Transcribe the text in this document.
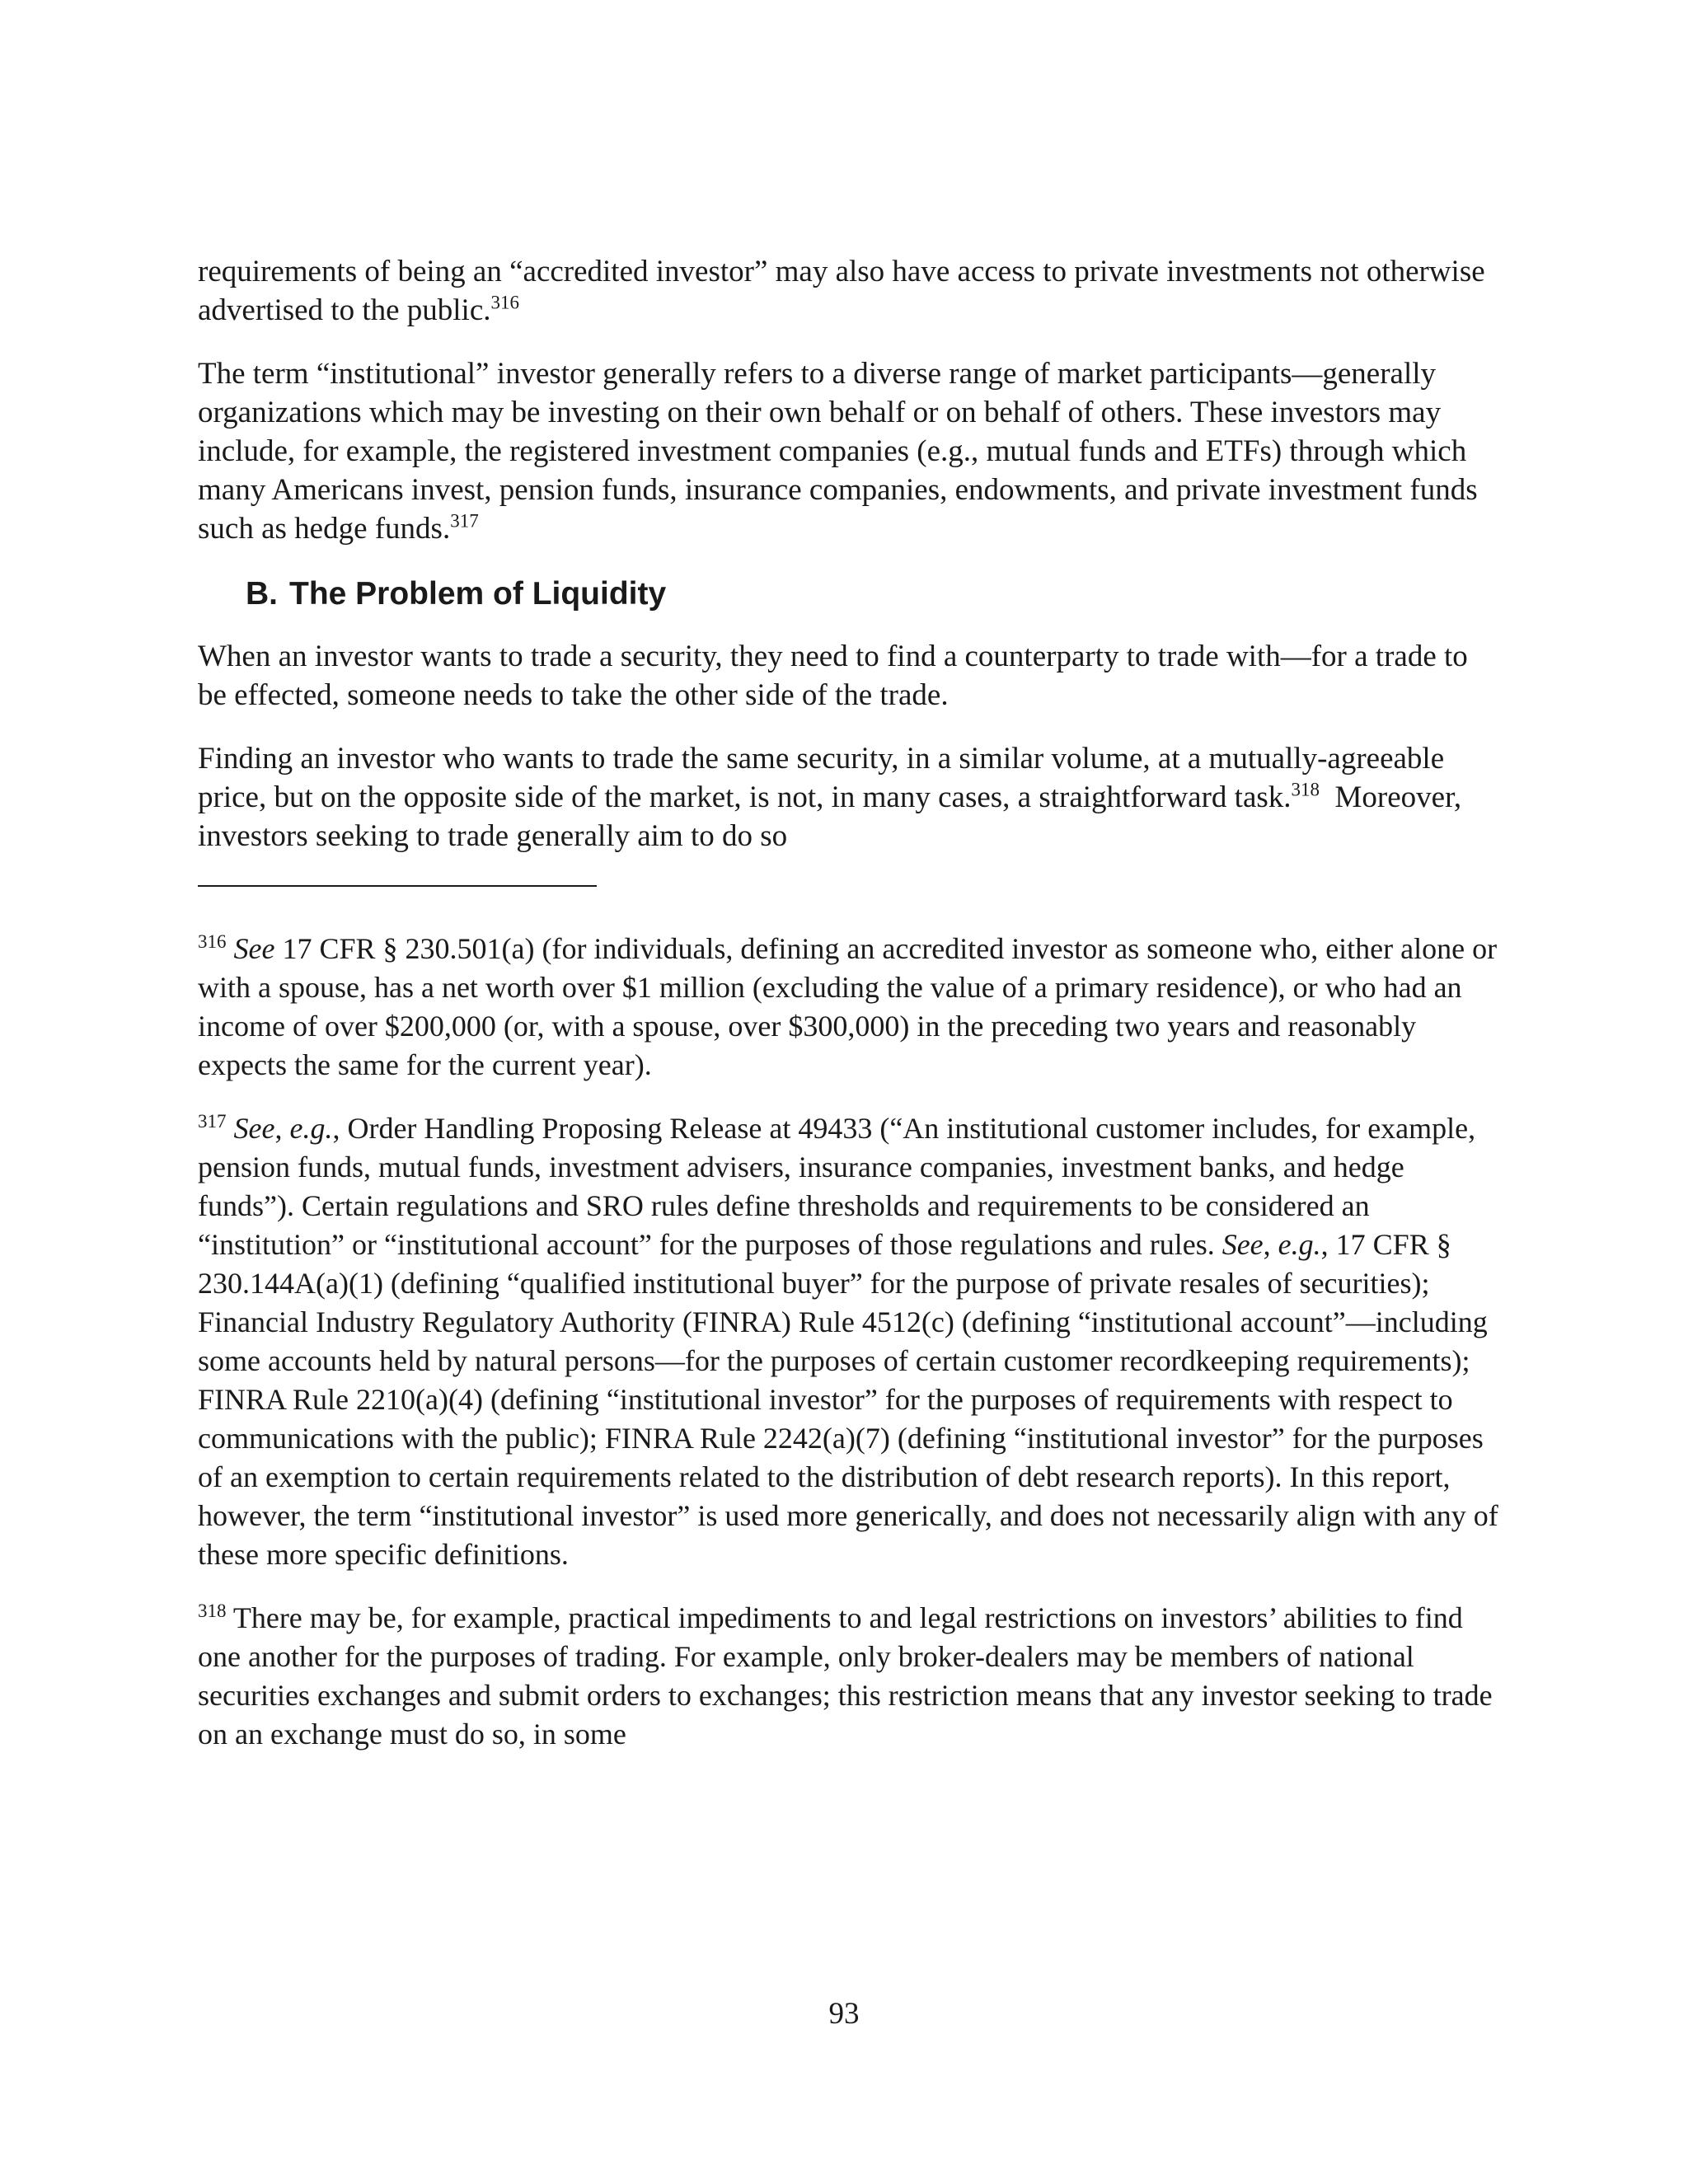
requirements of being an “accredited investor” may also have access to private investments not otherwise advertised to the public.$^{316}$

The term “institutional” investor generally refers to a diverse range of market participants—generally organizations which may be investing on their own behalf or on behalf of others. These investors may include, for example, the registered investment companies (e.g., mutual funds and ETFs) through which many Americans invest, pension funds, insurance companies, endowments, and private investment funds such as hedge funds.$^{317}$

B. The Problem of Liquidity

When an investor wants to trade a security, they need to find a counterparty to trade with—for a trade to be effected, someone needs to take the other side of the trade.

Finding an investor who wants to trade the same security, in a similar volume, at a mutually-agreeable price, but on the opposite side of the market, is not, in many cases, a straightforward task.$^{318}$  Moreover, investors seeking to trade generally aim to do so

$^{316}$ See 17 CFR § 230.501(a) (for individuals, defining an accredited investor as someone who, either alone or with a spouse, has a net worth over $1 million (excluding the value of a primary residence), or who had an income of over $200,000 (or, with a spouse, over $300,000) in the preceding two years and reasonably expects the same for the current year).

$^{317}$ See, e.g., Order Handling Proposing Release at 49433 (“An institutional customer includes, for example, pension funds, mutual funds, investment advisers, insurance companies, investment banks, and hedge funds”). Certain regulations and SRO rules define thresholds and requirements to be considered an “institution” or “institutional account” for the purposes of those regulations and rules. See, e.g., 17 CFR § 230.144A(a)(1) (defining “qualified institutional buyer” for the purpose of private resales of securities); Financial Industry Regulatory Authority (FINRA) Rule 4512(c) (defining “institutional account”—including some accounts held by natural persons—for the purposes of certain customer recordkeeping requirements); FINRA Rule 2210(a)(4) (defining “institutional investor” for the purposes of requirements with respect to communications with the public); FINRA Rule 2242(a)(7) (defining “institutional investor” for the purposes of an exemption to certain requirements related to the distribution of debt research reports). In this report, however, the term “institutional investor” is used more generically, and does not necessarily align with any of these more specific definitions.

$^{318}$ There may be, for example, practical impediments to and legal restrictions on investors’ abilities to find one another for the purposes of trading. For example, only broker-dealers may be members of national securities exchanges and submit orders to exchanges; this restriction means that any investor seeking to trade on an exchange must do so, in some

93
